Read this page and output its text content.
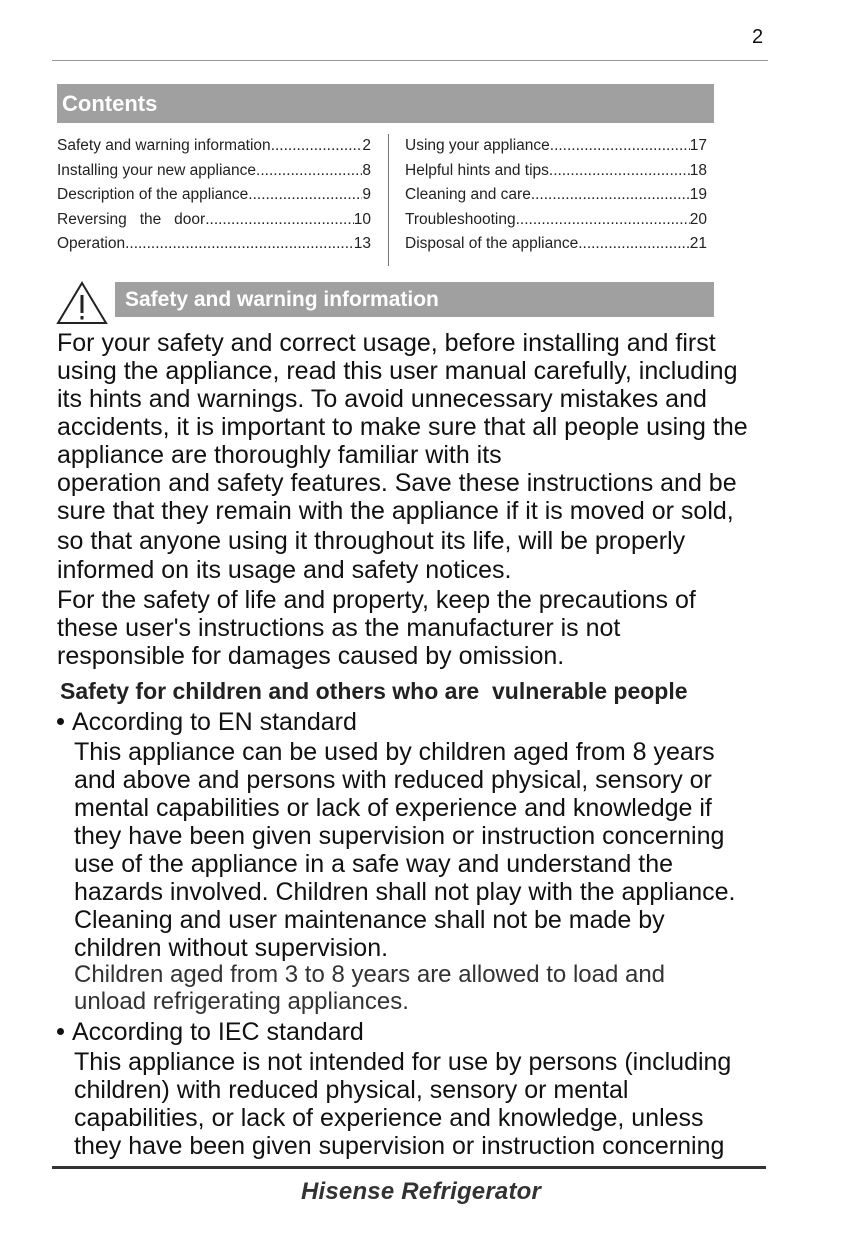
2
Contents
Safety and warning information .....	2
Installing your new appliance .....	8
Description of the appliance .....	9
Reversing   the   door .....	10
Operation .....	13
Using your appliance .....	17
Helpful hints and tips .....	18
Cleaning and care .....	19
Troubleshooting .....	20
Disposal of the appliance .....	21
Safety and warning information
For your safety and correct usage, before installing and first
using the appliance, read this user manual carefully, including
its hints and warnings. To avoid unnecessary mistakes and
accidents, it is important to make sure that all people using the
appliance are thoroughly familiar with its
operation and safety features. Save these instructions and be
sure that they remain with the appliance if it is moved or sold,
so that anyone using it throughout its life, will be properly
informed on its usage and safety notices.
For the safety of life and property, keep the precautions of
these user's instructions as the manufacturer is not
responsible for damages caused by omission.
Safety for children and others who are  vulnerable people
According to EN standard
This appliance can be used by children aged from 8 years
and above and persons with reduced physical, sensory or
mental capabilities or lack of experience and knowledge if
they have been given supervision or instruction concerning
use of the appliance in a safe way and understand the
hazards involved. Children shall not play with the appliance.
Cleaning and user maintenance shall not be made by
children without supervision.
Children aged from 3 to 8 years are allowed to load and
unload refrigerating appliances.
According to IEC standard
This appliance is not intended for use by persons (including
children) with reduced physical, sensory or mental
capabilities, or lack of experience and knowledge, unless
they have been given supervision or instruction concerning
Hisense Refrigerator
